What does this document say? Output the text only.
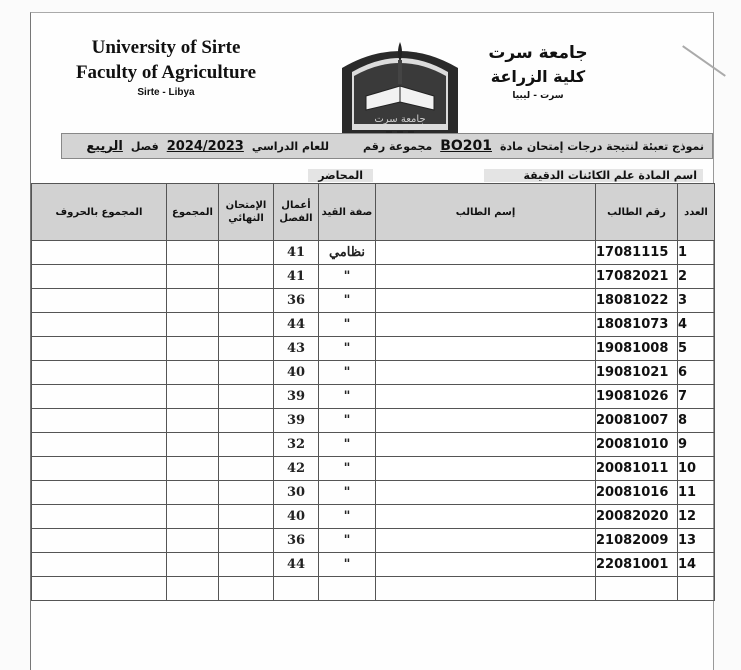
University of Sirte
Faculty of Agriculture
Sirte - Libya
جامعة سرت
جامعة سرت
كلية الزراعة
سرت - ليبيا
نموذج تعبئة لنتيجة درجات إمتحان مادة
BO201
مجموعة رقم
للعام الدراسي
2024/2023
فصل
الربيع
اسم المادة علم الكائنات الدقيقة
المحاضر
المجموع بالحروف	المجموع	الإمتحان النهائي	أعمال الفصل	صفة القيد	إسم الطالب	رقم الطالب	العدد
			41	نظامي		17081115	1
			41	"		17082021	2
			36	"		18081022	3
			44	"		18081073	4
			43	"		19081008	5
			40	"		19081021	6
			39	"		19081026	7
			39	"		20081007	8
			32	"		20081010	9
			42	"		20081011	10
			30	"		20081016	11
			40	"		20082020	12
			36	"		21082009	13
			44	"		22081001	14
